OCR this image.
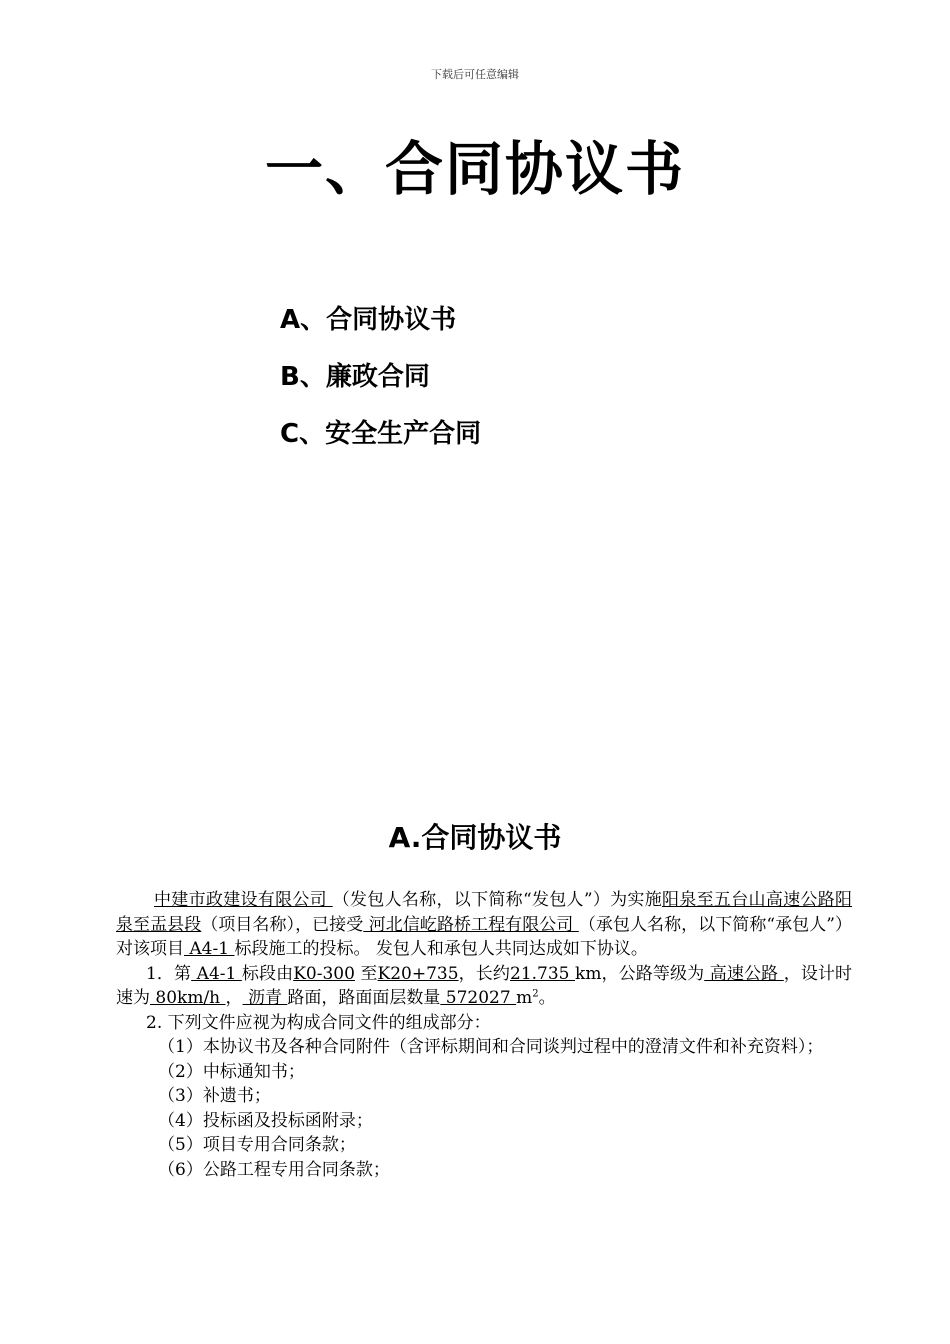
下载后可任意编辑
一、合同协议书
A、合同协议书
B、廉政合同
C、安全生产合同
A.合同协议书

中建市政建设有限公司 （发包人名称，以下简称“发包人”）为实施阳泉至五台山高速公路阳泉至盂县段（项目名称），已接受 河北信屹路桥工程有限公司 （承包人名称，以下简称“承包人”）对该项目 A4-1 标段施工的投标。 发包人和承包人共同达成如下协议。

1．第 A4-1 标段由K0-300 至K20+735，长约21.735 km，公路等级为 高速公路 ，设计时速为 80km/h ， 沥青 路面，路面面层数量 572027 $m^2$。

2. 下列文件应视为构成合同文件的组成部分：

（1）本协议书及各种合同附件（含评标期间和合同谈判过程中的澄清文件和补充资料）；

（2）中标通知书；

（3）补遗书；

（4）投标函及投标函附录；

（5）项目专用合同条款；

（6）公路工程专用合同条款；
